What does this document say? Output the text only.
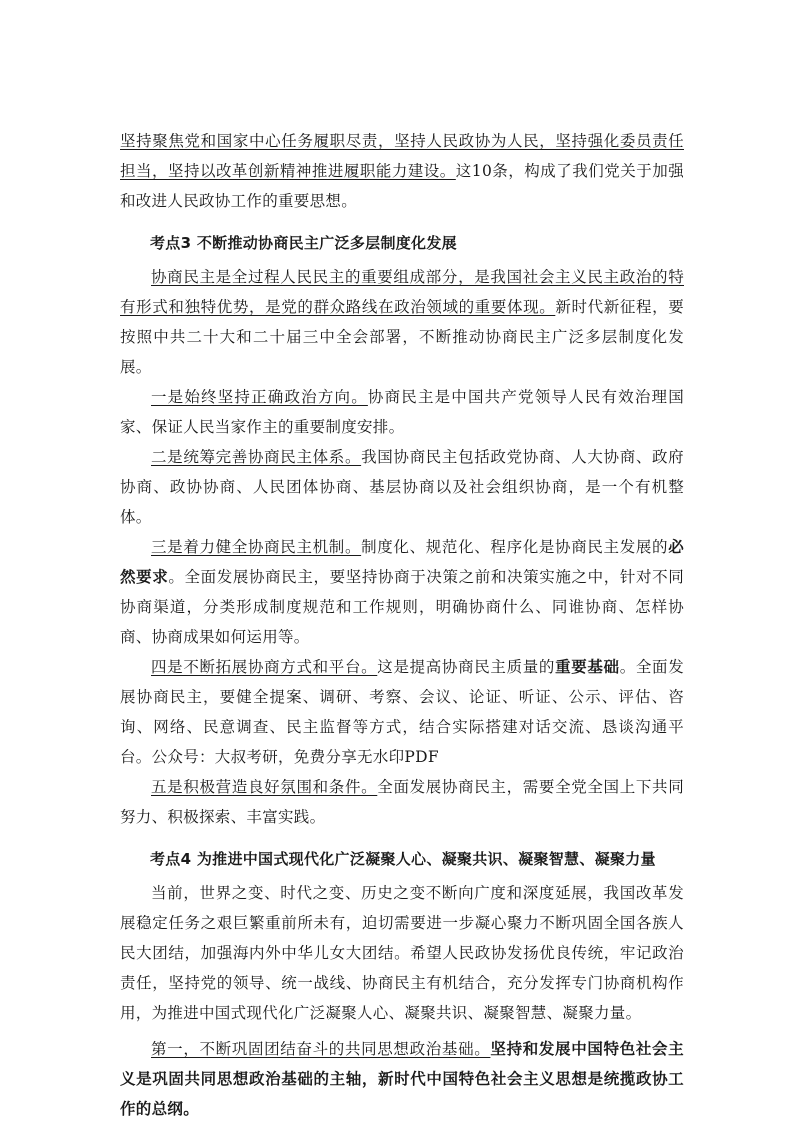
坚持聚焦党和国家中心任务履职尽责，坚持人民政协为人民，坚持强化委员责任担当，坚持以改革创新精神推进履职能力建设。这10条，构成了我们党关于加强和改进人民政协工作的重要思想。

考点3 不断推动协商民主广泛多层制度化发展

协商民主是全过程人民民主的重要组成部分，是我国社会主义民主政治的特有形式和独特优势，是党的群众路线在政治领域的重要体现。新时代新征程，要按照中共二十大和二十届三中全会部署，不断推动协商民主广泛多层制度化发展。

一是始终坚持正确政治方向。协商民主是中国共产党领导人民有效治理国家、保证人民当家作主的重要制度安排。

二是统筹完善协商民主体系。我国协商民主包括政党协商、人大协商、政府协商、政协协商、人民团体协商、基层协商以及社会组织协商，是一个有机整体。

三是着力健全协商民主机制。制度化、规范化、程序化是协商民主发展的必然要求。全面发展协商民主，要坚持协商于决策之前和决策实施之中，针对不同协商渠道，分类形成制度规范和工作规则，明确协商什么、同谁协商、怎样协商、协商成果如何运用等。

四是不断拓展协商方式和平台。这是提高协商民主质量的重要基础。全面发展协商民主，要健全提案、调研、考察、会议、论证、听证、公示、评估、咨询、网络、民意调查、民主监督等方式，结合实际搭建对话交流、恳谈沟通平台。公众号：大叔考研，免费分享无水印PDF

五是积极营造良好氛围和条件。全面发展协商民主，需要全党全国上下共同努力、积极探索、丰富实践。

考点4 为推进中国式现代化广泛凝聚人心、凝聚共识、凝聚智慧、凝聚力量

当前，世界之变、时代之变、历史之变不断向广度和深度延展，我国改革发展稳定任务之艰巨繁重前所未有，迫切需要进一步凝心聚力不断巩固全国各族人民大团结，加强海内外中华儿女大团结。希望人民政协发扬优良传统，牢记政治责任，坚持党的领导、统一战线、协商民主有机结合，充分发挥专门协商机构作用，为推进中国式现代化广泛凝聚人心、凝聚共识、凝聚智慧、凝聚力量。

第一，不断巩固团结奋斗的共同思想政治基础。坚持和发展中国特色社会主义是巩固共同思想政治基础的主轴，新时代中国特色社会主义思想是统揽政协工作的总纲。
